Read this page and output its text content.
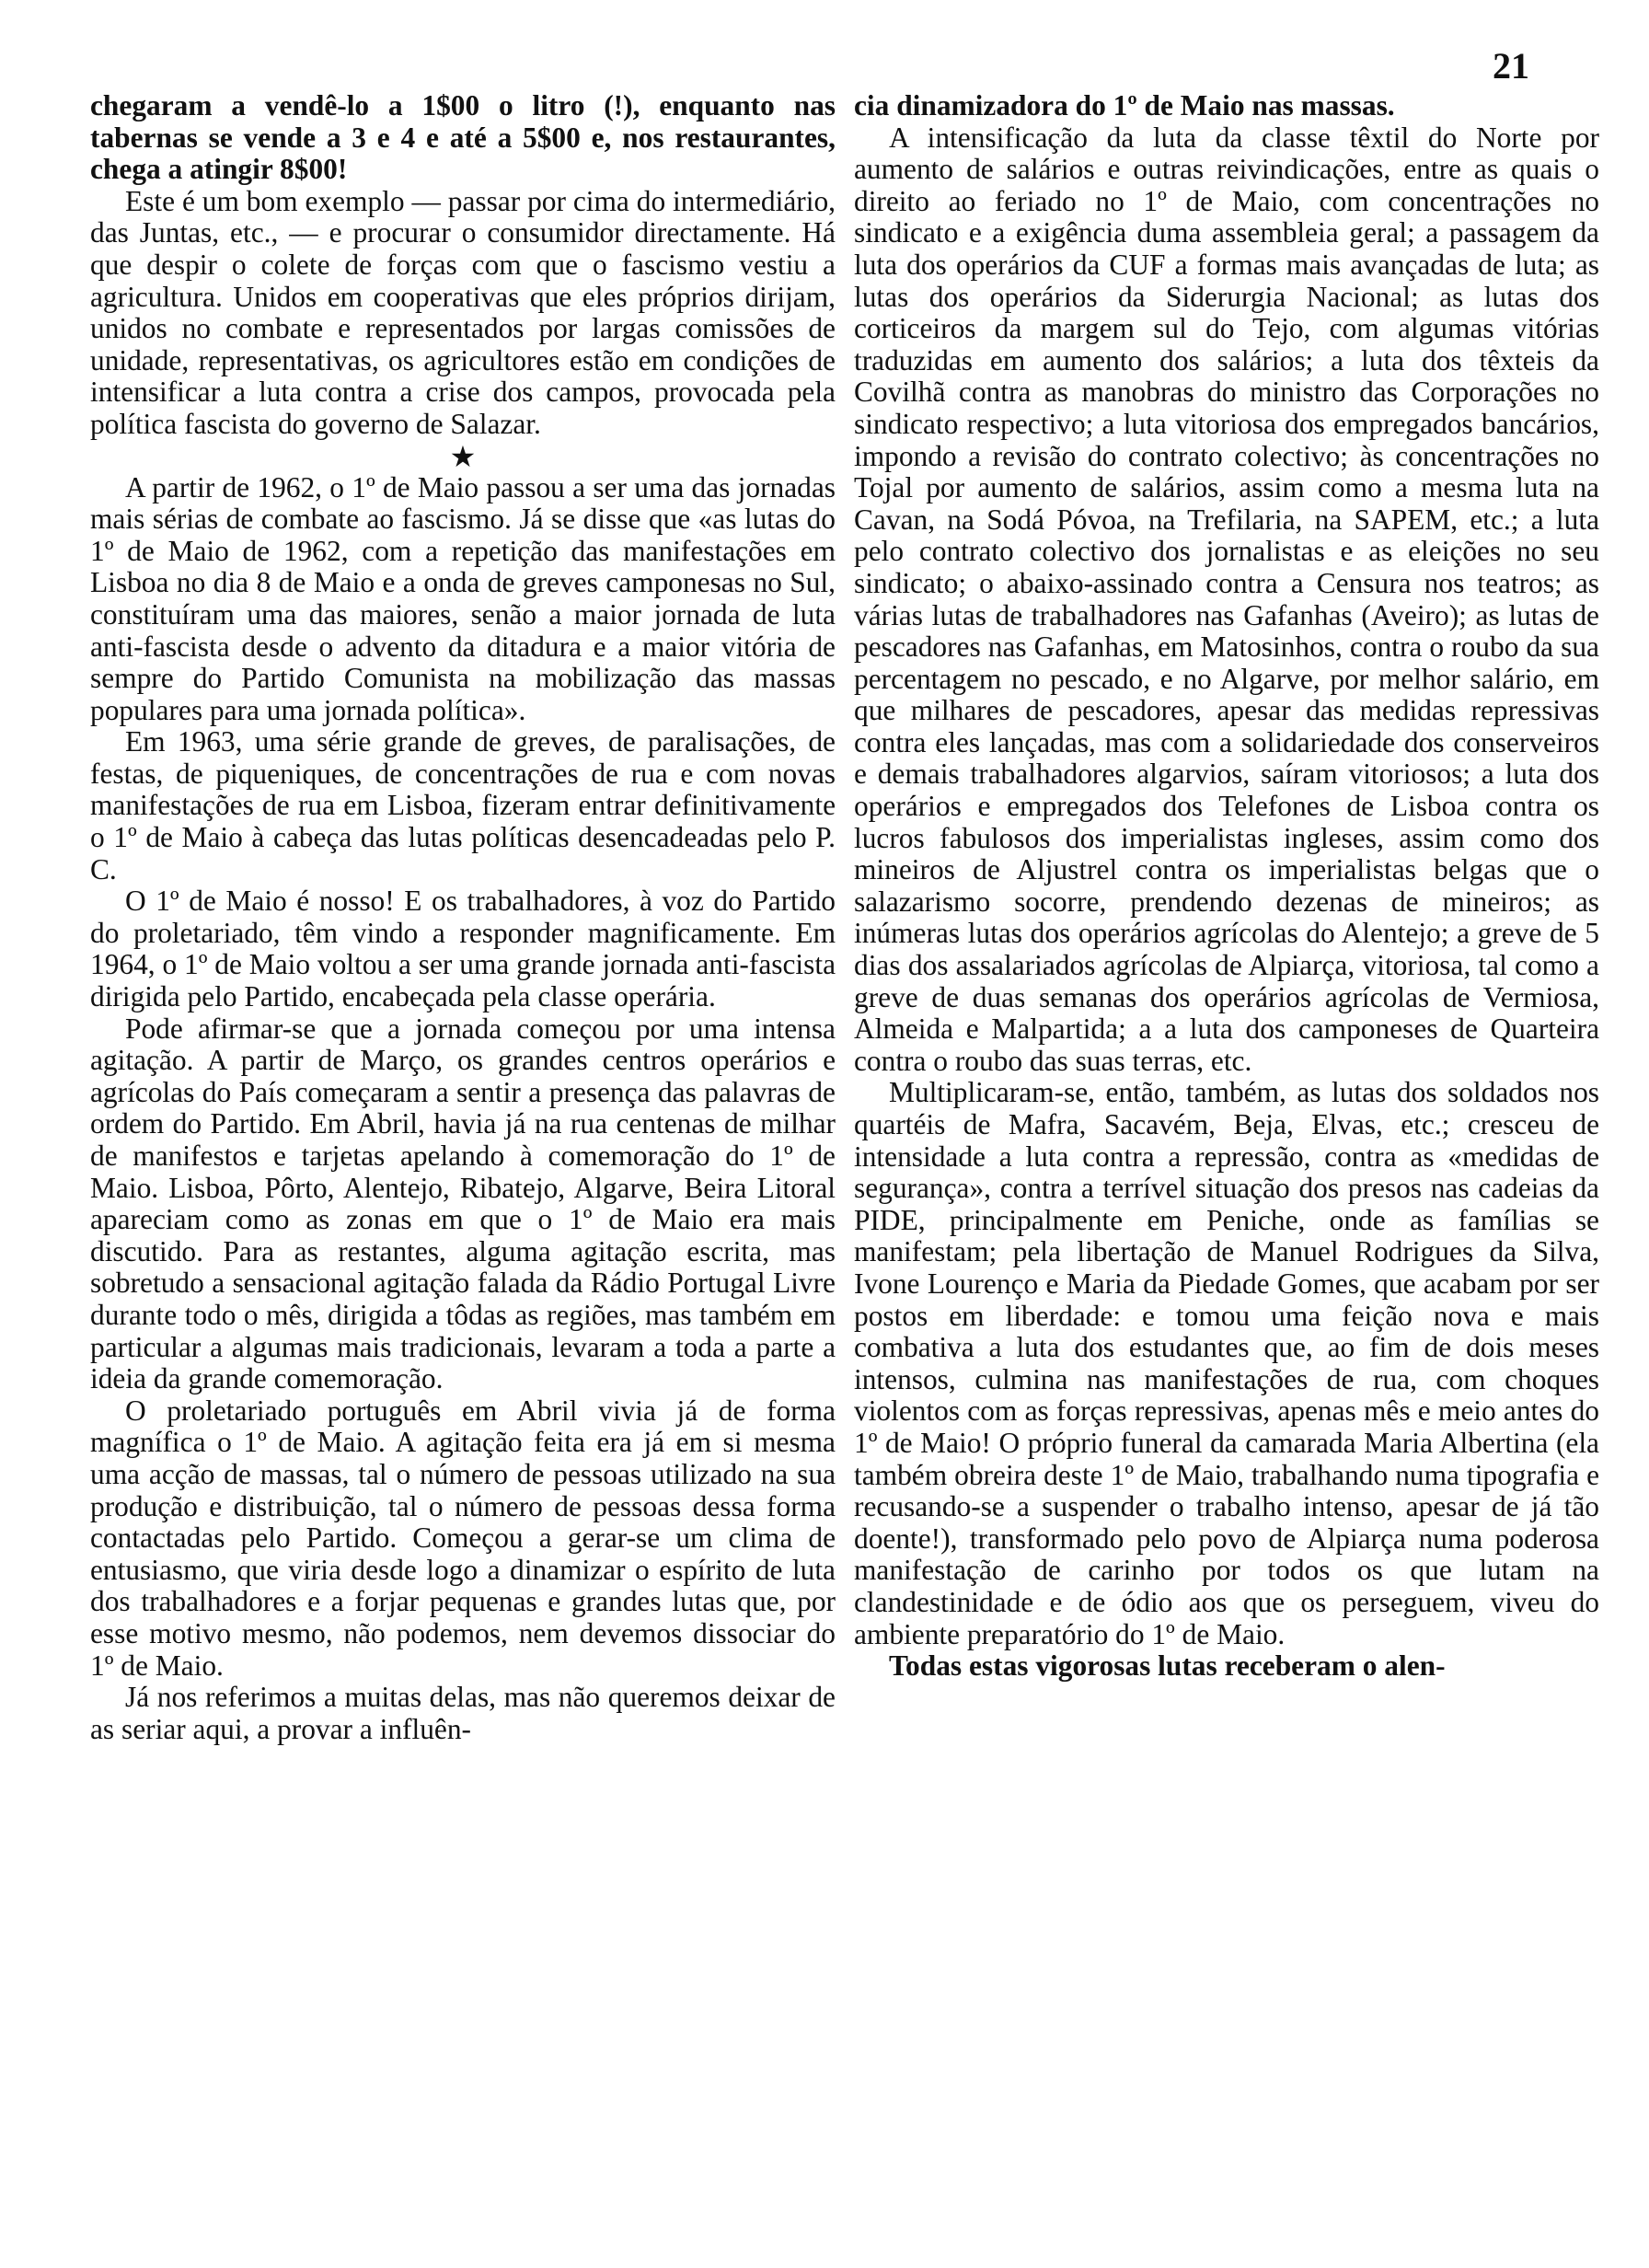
21

chegaram a vendê-lo a 1$00 o litro (!), enquanto nas tabernas se vende a 3 e 4 e até a 5$00 e, nos restaurantes, chega a atingir 8$00!

Este é um bom exemplo — passar por cima do intermediário, das Juntas, etc., — e procurar o consumidor directamente. Há que despir o colete de forças com que o fascismo vestiu a agricultura. Unidos em cooperativas que eles próprios dirijam, unidos no combate e representados por largas comissões de unidade, representativas, os agricultores estão em condições de intensificar a luta contra a crise dos campos, provocada pela política fascista do governo de Salazar.

★

A partir de 1962, o 1º de Maio passou a ser uma das jornadas mais sérias de combate ao fascismo. Já se disse que «as lutas do 1º de Maio de 1962, com a repetição das manifestações em Lisboa no dia 8 de Maio e a onda de greves camponesas no Sul, constituíram uma das maiores, senão a maior jornada de luta anti-fascista desde o advento da ditadura e a maior vitória de sempre do Partido Comunista na mobilização das massas populares para uma jornada política».

Em 1963, uma série grande de greves, de paralisações, de festas, de piqueniques, de concentrações de rua e com novas manifestações de rua em Lisboa, fizeram entrar definitivamente o 1º de Maio à cabeça das lutas políticas desencadeadas pelo P. C.

O 1º de Maio é nosso! E os trabalhadores, à voz do Partido do proletariado, têm vindo a responder magnificamente. Em 1964, o 1º de Maio voltou a ser uma grande jornada anti-fascista dirigida pelo Partido, encabeçada pela classe operária.

Pode afirmar-se que a jornada começou por uma intensa agitação. A partir de Março, os grandes centros operários e agrícolas do País começaram a sentir a presença das palavras de ordem do Partido. Em Abril, havia já na rua centenas de milhar de manifestos e tarjetas apelando à comemoração do 1º de Maio. Lisboa, Pôrto, Alentejo, Ribatejo, Algarve, Beira Litoral apareciam como as zonas em que o 1º de Maio era mais discutido. Para as restantes, alguma agitação escrita, mas sobretudo a sensacional agitação falada da Rádio Portugal Livre durante todo o mês, dirigida a tôdas as regiões, mas também em particular a algumas mais tradicionais, levaram a toda a parte a ideia da grande comemoração.

O proletariado português em Abril vivia já de forma magnífica o 1º de Maio. A agitação feita era já em si mesma uma acção de massas, tal o número de pessoas utilizado na sua produção e distribuição, tal o número de pessoas dessa forma contactadas pelo Partido. Começou a gerar-se um clima de entusiasmo, que viria desde logo a dinamizar o espírito de luta dos trabalhadores e a forjar pequenas e grandes lutas que, por esse motivo mesmo, não podemos, nem devemos dissociar do 1º de Maio.

Já nos referimos a muitas delas, mas não queremos deixar de as seriar aqui, a provar a influên-

cia dinamizadora do 1º de Maio nas massas.

A intensificação da luta da classe têxtil do Norte por aumento de salários e outras reivindicações, entre as quais o direito ao feriado no 1º de Maio, com concentrações no sindicato e a exigência duma assembleia geral; a passagem da luta dos operários da CUF a formas mais avançadas de luta; as lutas dos operários da Siderurgia Nacional; as lutas dos corticeiros da margem sul do Tejo, com algumas vitórias traduzidas em aumento dos salários; a luta dos têxteis da Covilhã contra as manobras do ministro das Corporações no sindicato respectivo; a luta vitoriosa dos empregados bancários, impondo a revisão do contrato colectivo; às concentrações no Tojal por aumento de salários, assim como a mesma luta na Cavan, na Sodá Póvoa, na Trefilaria, na SAPEM, etc.; a luta pelo contrato colectivo dos jornalistas e as eleições no seu sindicato; o abaixo-assinado contra a Censura nos teatros; as várias lutas de trabalhadores nas Gafanhas (Aveiro); as lutas de pescadores nas Gafanhas, em Matosinhos, contra o roubo da sua percentagem no pescado, e no Algarve, por melhor salário, em que milhares de pescadores, apesar das medidas repressivas contra eles lançadas, mas com a solidariedade dos conserveiros e demais trabalhadores algarvios, saíram vitoriosos; a luta dos operários e empregados dos Telefones de Lisboa contra os lucros fabulosos dos imperialistas ingleses, assim como dos mineiros de Aljustrel contra os imperialistas belgas que o salazarismo socorre, prendendo dezenas de mineiros; as inúmeras lutas dos operários agrícolas do Alentejo; a greve de 5 dias dos assalariados agrícolas de Alpiarça, vitoriosa, tal como a greve de duas semanas dos operários agrícolas de Vermiosa, Almeida e Malpartida; a a luta dos camponeses de Quarteira contra o roubo das suas terras, etc.

Multiplicaram-se, então, também, as lutas dos soldados nos quartéis de Mafra, Sacavém, Beja, Elvas, etc.; cresceu de intensidade a luta contra a repressão, contra as «medidas de segurança», contra a terrível situação dos presos nas cadeias da PIDE, principalmente em Peniche, onde as famílias se manifestam; pela libertação de Manuel Rodrigues da Silva, Ivone Lourenço e Maria da Piedade Gomes, que acabam por ser postos em liberdade: e tomou uma feição nova e mais combativa a luta dos estudantes que, ao fim de dois meses intensos, culmina nas manifestações de rua, com choques violentos com as forças repressivas, apenas mês e meio antes do 1º de Maio! O próprio funeral da camarada Maria Albertina (ela também obreira deste 1º de Maio, trabalhando numa tipografia e recusando-se a suspender o trabalho intenso, apesar de já tão doente!), transformado pelo povo de Alpiarça numa poderosa manifestação de carinho por todos os que lutam na clandestinidade e de ódio aos que os perseguem, viveu do ambiente preparatório do 1º de Maio.

Todas estas vigorosas lutas receberam o alen-
